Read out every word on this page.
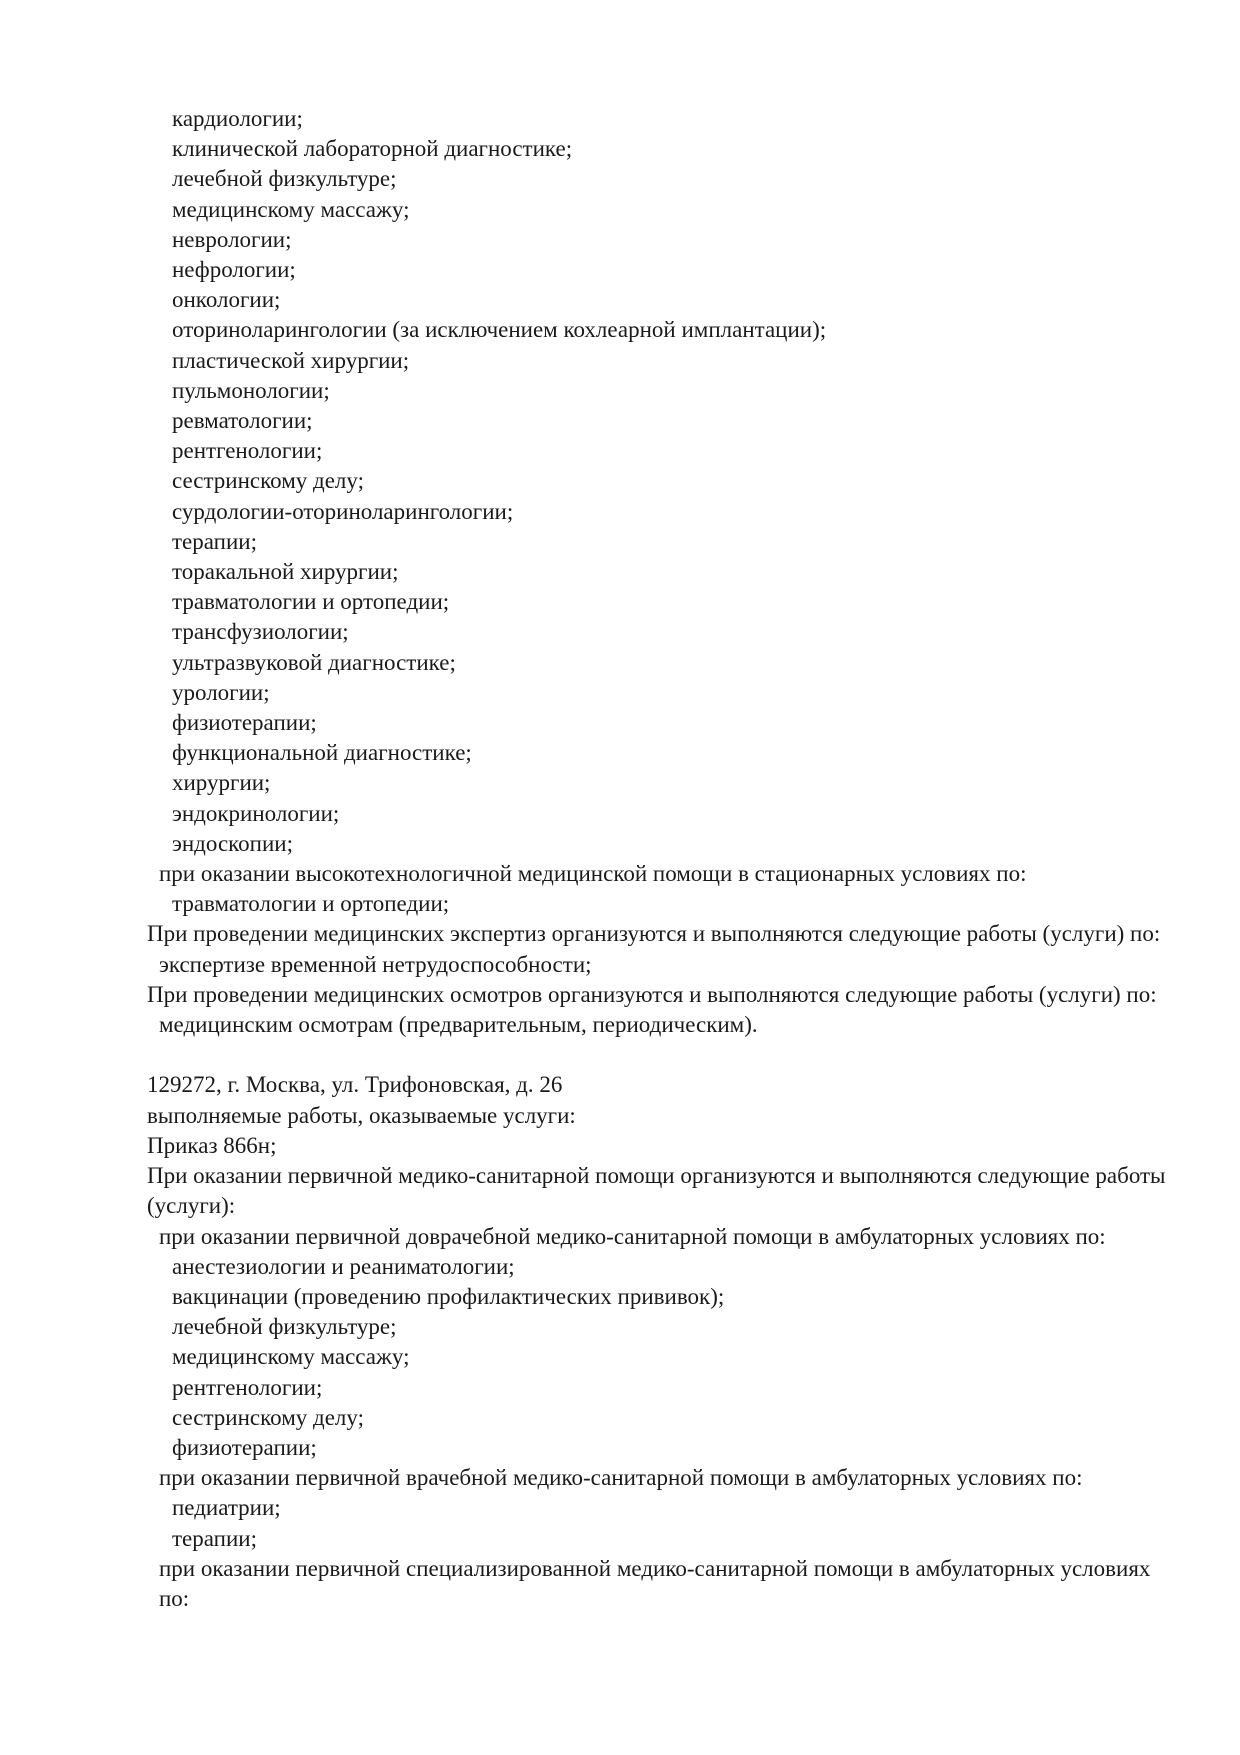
кардиологии;

клинической лабораторной диагностике;

лечебной физкультуре;

медицинскому массажу;

неврологии;

нефрологии;

онкологии;

оториноларингологии (за исключением кохлеарной имплантации);

пластической хирургии;

пульмонологии;

ревматологии;

рентгенологии;

сестринскому делу;

сурдологии-оториноларингологии;

терапии;

торакальной хирургии;

травматологии и ортопедии;

трансфузиологии;

ультразвуковой диагностике;

урологии;

физиотерапии;

функциональной диагностике;

хирургии;

эндокринологии;

эндоскопии;

при оказании высокотехнологичной медицинской помощи в стационарных условиях по:

травматологии и ортопедии;

При проведении медицинских экспертиз организуются и выполняются следующие работы (услуги) по:

экспертизе временной нетрудоспособности;

При проведении медицинских осмотров организуются и выполняются следующие работы (услуги) по:

медицинским осмотрам (предварительным, периодическим).

129272, г. Москва, ул. Трифоновская, д. 26

выполняемые работы, оказываемые услуги:

Приказ 866н;

При оказании первичной медико-санитарной помощи организуются и выполняются следующие работы (услуги):

при оказании первичной доврачебной медико-санитарной помощи в амбулаторных условиях по:

анестезиологии и реаниматологии;

вакцинации (проведению профилактических прививок);

лечебной физкультуре;

медицинскому массажу;

рентгенологии;

сестринскому делу;

физиотерапии;

при оказании первичной врачебной медико-санитарной помощи в амбулаторных условиях по:

педиатрии;

терапии;

при оказании первичной специализированной медико-санитарной помощи в амбулаторных условиях по:
